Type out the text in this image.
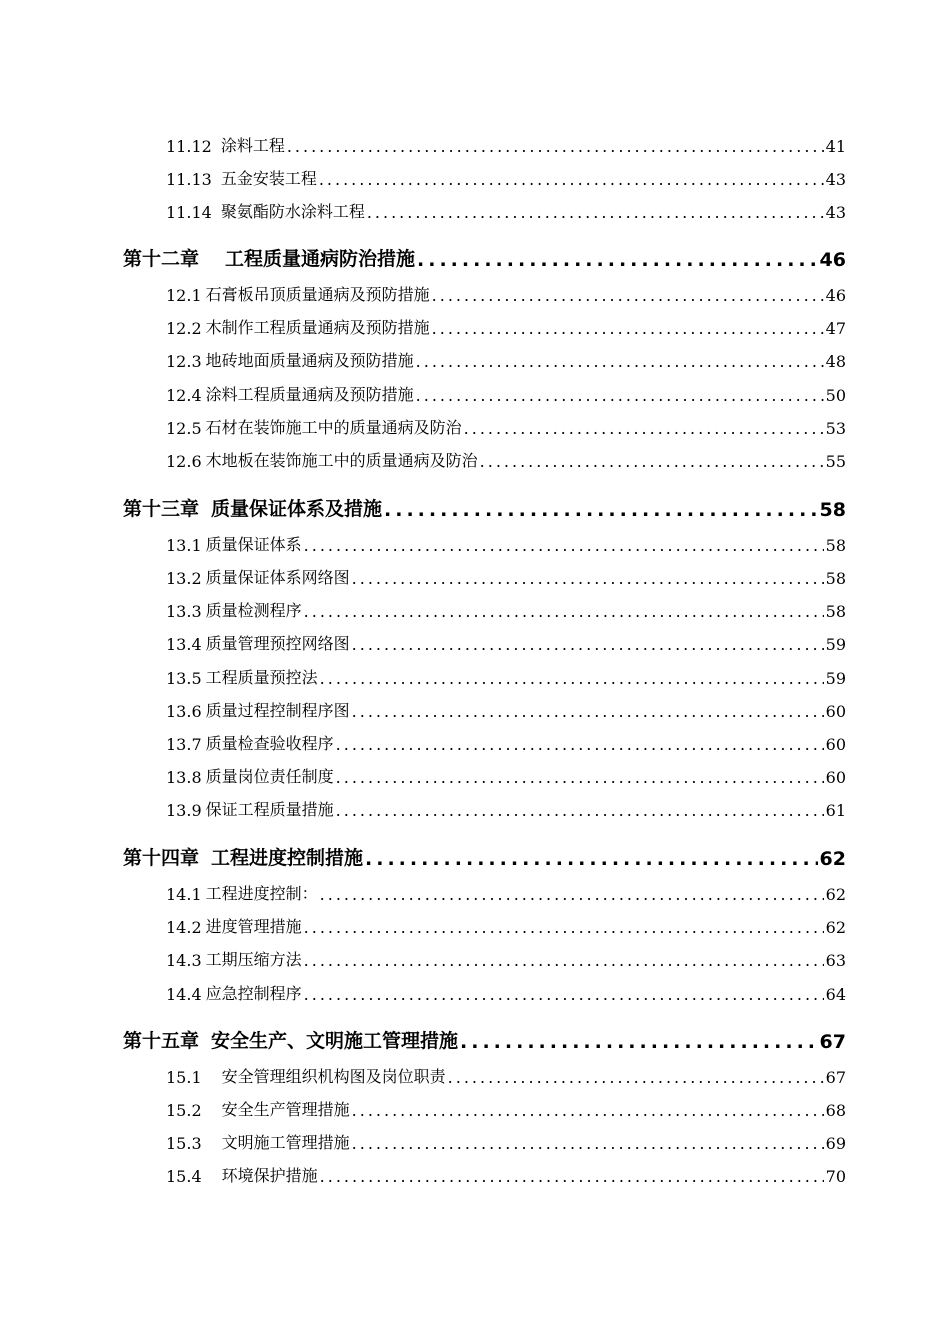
11.12 涂料工程 .....	41
11.13 五金安装工程 .....	43
11.14 聚氨酯防水涂料工程 .....	43
第十二章 工程质量通病防治措施 .....	46
12.1 石膏板吊顶质量通病及预防措施 .....	46
12.2 木制作工程质量通病及预防措施 .....	47
12.3 地砖地面质量通病及预防措施 .....	48
12.4 涂料工程质量通病及预防措施 .....	50
12.5 石材在装饰施工中的质量通病及防治 .....	53
12.6 木地板在装饰施工中的质量通病及防治 .....	55
第十三章 质量保证体系及措施 .....	58
13.1 质量保证体系 .....	58
13.2 质量保证体系网络图 .....	58
13.3 质量检测程序 .....	58
13.4 质量管理预控网络图 .....	59
13.5 工程质量预控法 .....	59
13.6 质量过程控制程序图 .....	60
13.7 质量检查验收程序 .....	60
13.8 质量岗位责任制度 .....	60
13.9 保证工程质量措施 .....	61
第十四章 工程进度控制措施 .....	62
14.1 工程进度控制： .....	62
14.2 进度管理措施 .....	62
14.3 工期压缩方法 .....	63
14.4 应急控制程序 .....	64
第十五章 安全生产、文明施工管理措施 .....	67
15.1 安全管理组织机构图及岗位职责 .....	67
15.2 安全生产管理措施 .....	68
15.3 文明施工管理措施 .....	69
15.4 环境保护措施 .....	70
